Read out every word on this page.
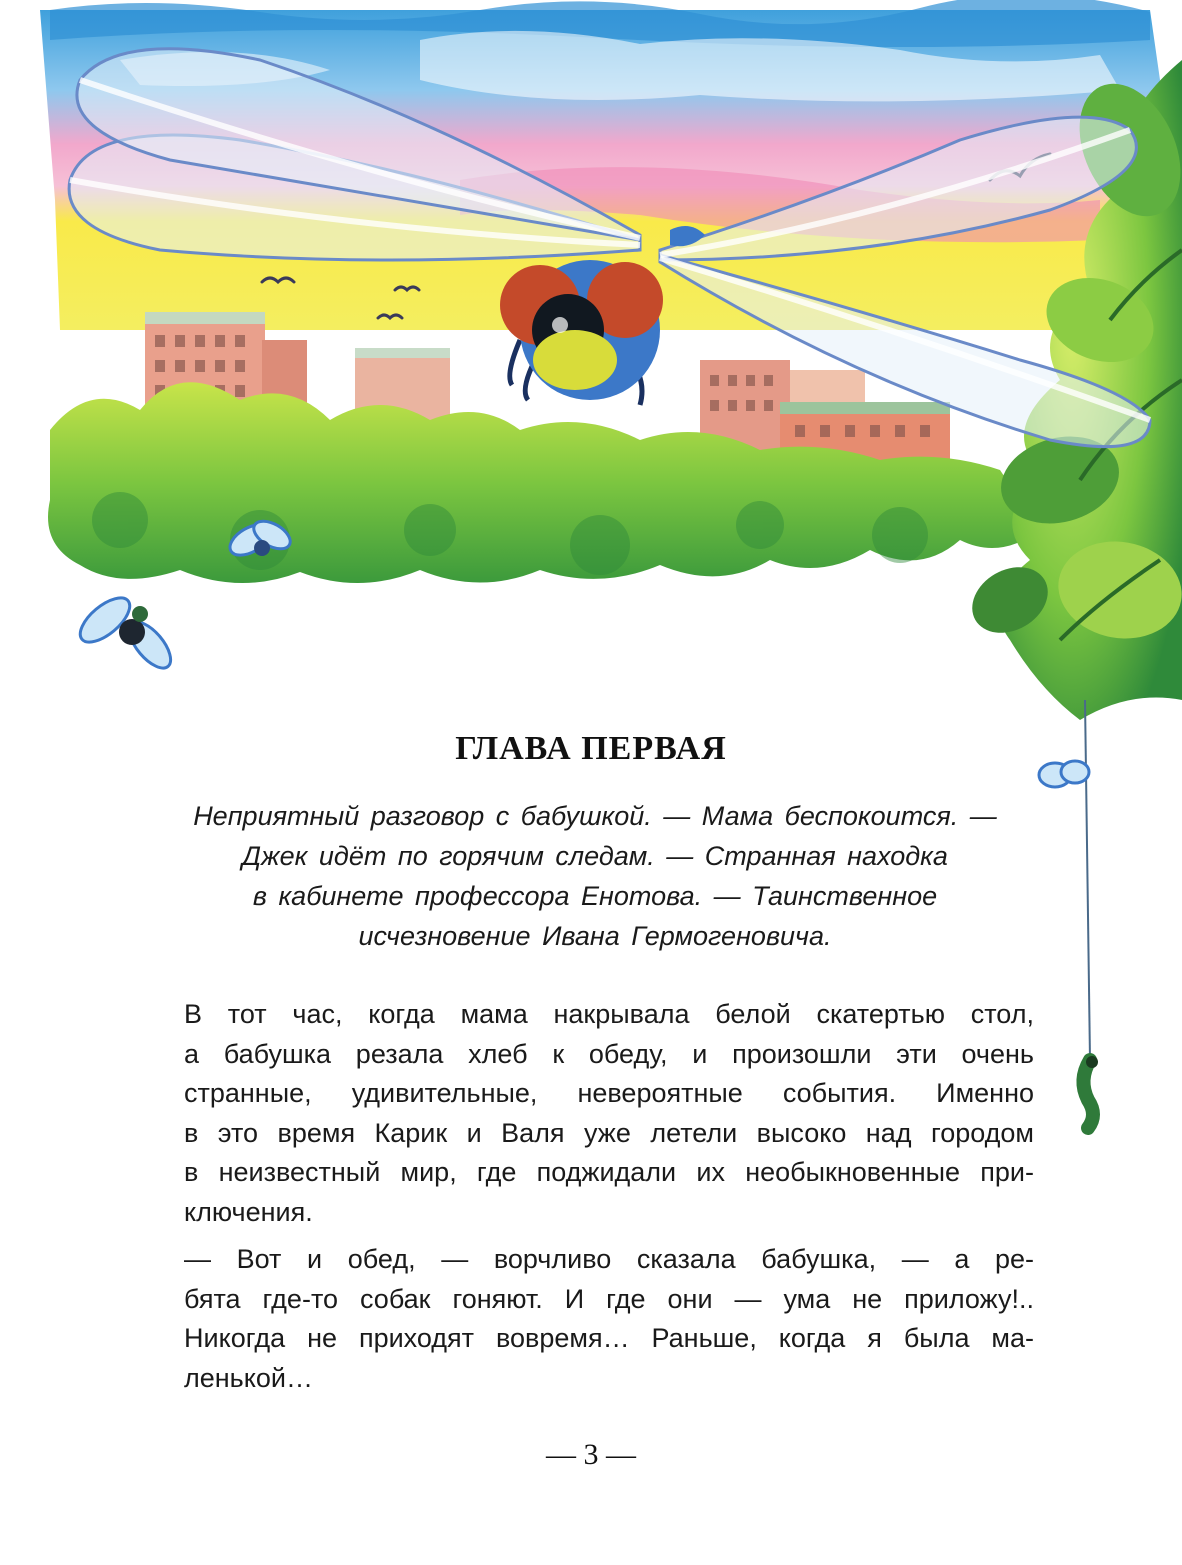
ГЛАВА ПЕРВАЯ
Неприятный разговор с бабушкой. — Мама беспокоится. —
Джек идёт по горячим следам. — Странная находка
в кабинете профессора Енотова. — Таинственное
исчезновение Ивана Гермогеновича.
В тот час, когда мама накрывала белой скатертью стол,
а бабушка резала хлеб к обеду, и произошли эти очень
странные, удивительные, невероятные события. Именно
в это время Карик и Валя уже летели высоко над городом
в неизвестный мир, где поджидали их необыкновенные при-
ключения.
— Вот и обед, — ворчливо сказала бабушка, — а ре-
бята где-то собак гоняют. И где они — ума не приложу!..
Никогда не приходят вовремя… Раньше, когда я была ма-
ленькой…
— 3 —
